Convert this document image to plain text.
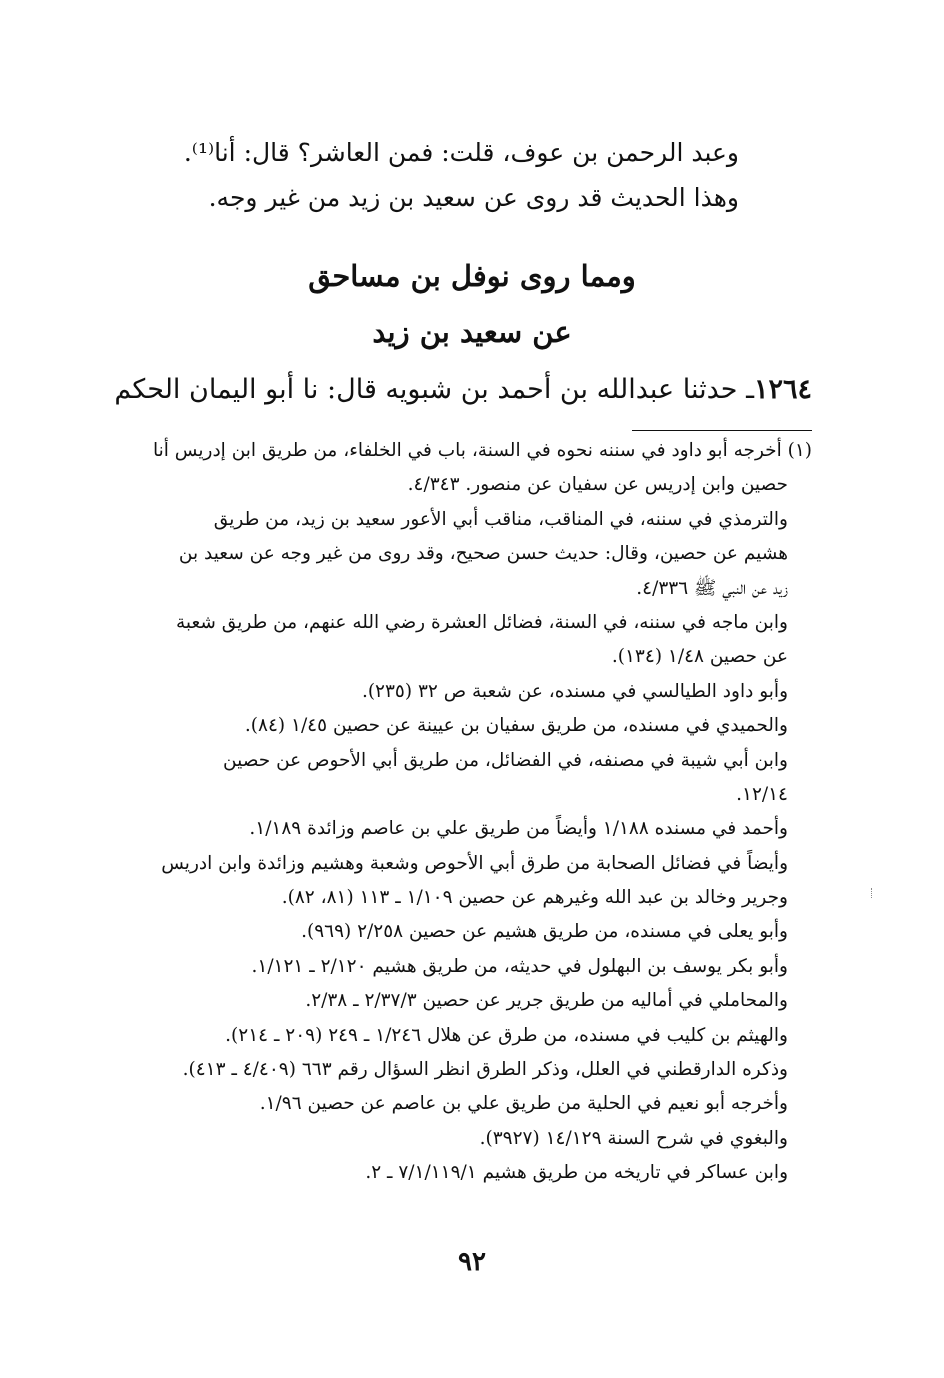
وعبد الرحمن بن عوف، قلت: فمن العاشر؟ قال: أنا⁽¹⁾.

وهذا الحديث قد روى عن سعيد بن زيد من غير وجه.

ومما روى نوفل بن مساحق
عن سعيد بن زيد
١٢٦٤ـ حدثنا عبدالله بن أحمد بن شبويه قال: نا أبو اليمان الحكم

(١) أخرجه أبو داود في سننه نحوه في السنة، باب في الخلفاء، من طريق ابن إدريس أنا

حصين وابن إدريس عن سفيان عن منصور. ٤/٣٤٣.

والترمذي في سننه، في المناقب، مناقب أبي الأعور سعيد بن زيد، من طريق

هشيم عن حصين، وقال: حديث حسن صحيح، وقد روى من غير وجه عن سعيد بن

زيد عن النبي ﷺ ٤/٣٣٦.

وابن ماجه في سننه، في السنة، فضائل العشرة رضي الله عنهم، من طريق شعبة

عن حصين ١/٤٨ (١٣٤).

وأبو داود الطيالسي في مسنده، عن شعبة ص ٣٢ (٢٣٥).

والحميدي في مسنده، من طريق سفيان بن عيينة عن حصين ١/٤٥ (٨٤).

وابن أبي شيبة في مصنفه، في الفضائل، من طريق أبي الأحوص عن حصين

١٢/١٤.

وأحمد في مسنده ١/١٨٨ وأيضاً من طريق علي بن عاصم وزائدة ١/١٨٩.

وأيضاً في فضائل الصحابة من طرق أبي الأحوص وشعبة وهشيم وزائدة وابن ادريس

وجرير وخالد بن عبد الله وغيرهم عن حصين ١/١٠٩ ـ ١١٣ (٨١، ٨٢).

وأبو يعلى في مسنده، من طريق هشيم عن حصين ٢/٢٥٨ (٩٦٩).

وأبو بكر يوسف بن البهلول في حديثه، من طريق هشيم ٢/١٢٠ ـ ١/١٢١.

والمحاملي في أماليه من طريق جرير عن حصين ٢/٣٧/٣ ـ ٢/٣٨.

والهيثم بن كليب في مسنده، من طرق عن هلال ١/٢٤٦ ـ ٢٤٩ (٢٠٩ ـ ٢١٤).

وذكره الدارقطني في العلل، وذكر الطرق انظر السؤال رقم ٦٦٣ (٤/٤٠٩ ـ ٤١٣).

وأخرجه أبو نعيم في الحلية من طريق علي بن عاصم عن حصين ١/٩٦.

والبغوي في شرح السنة ١٤/١٢٩ (٣٩٢٧).

وابن عساكر في تاريخه من طريق هشيم ٧/١/١١٩/١ ـ ٢.

٩٢
